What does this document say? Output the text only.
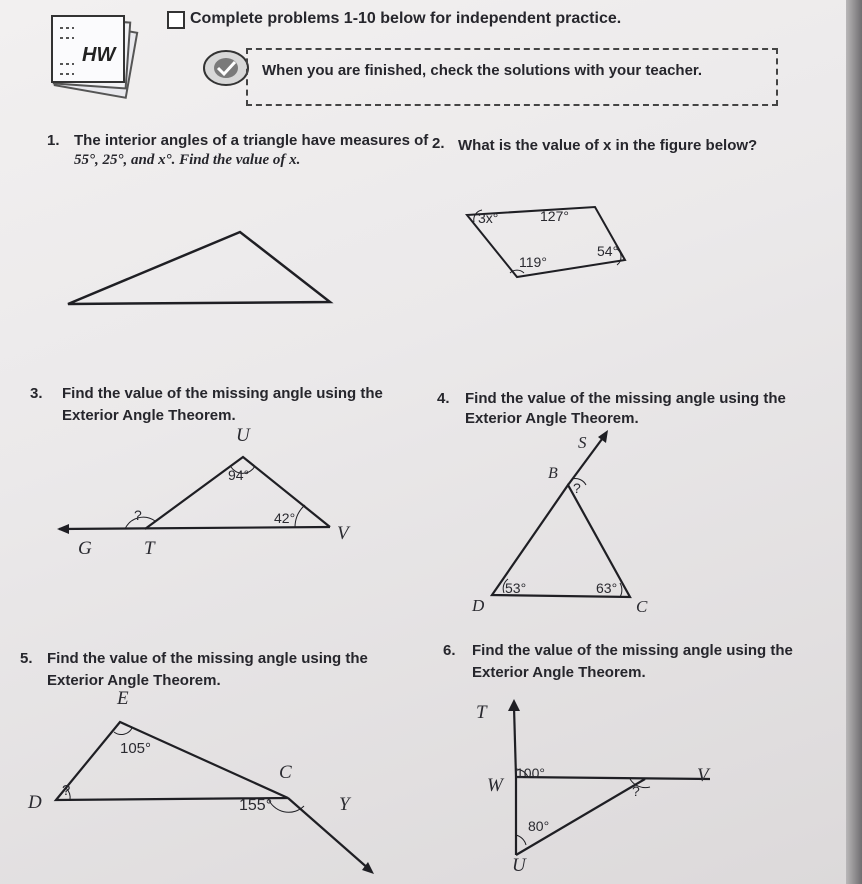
HW
Complete problems 1-10 below for independent practice.
When you are finished, check the solutions with your teacher.
1. The interior angles of a triangle have measures of
55°, 25°, and x°. Find the value of x.
2. What is the value of x in the figure below?
3x°	127°
119°
54°
3. Find the value of the missing angle using the
Exterior Angle Theorem.
U
G	T
V
94°
42°
?
4. Find the value of the missing angle using the
Exterior Angle Theorem.
S
B
D	C
?
53°	63°
5. Find the value of the missing angle using the
Exterior Angle Theorem.
E
D
C
Y
105°
?
155°
6. Find the value of the missing angle using the
Exterior Angle Theorem.
T
W
U
V
100°
80°
?
